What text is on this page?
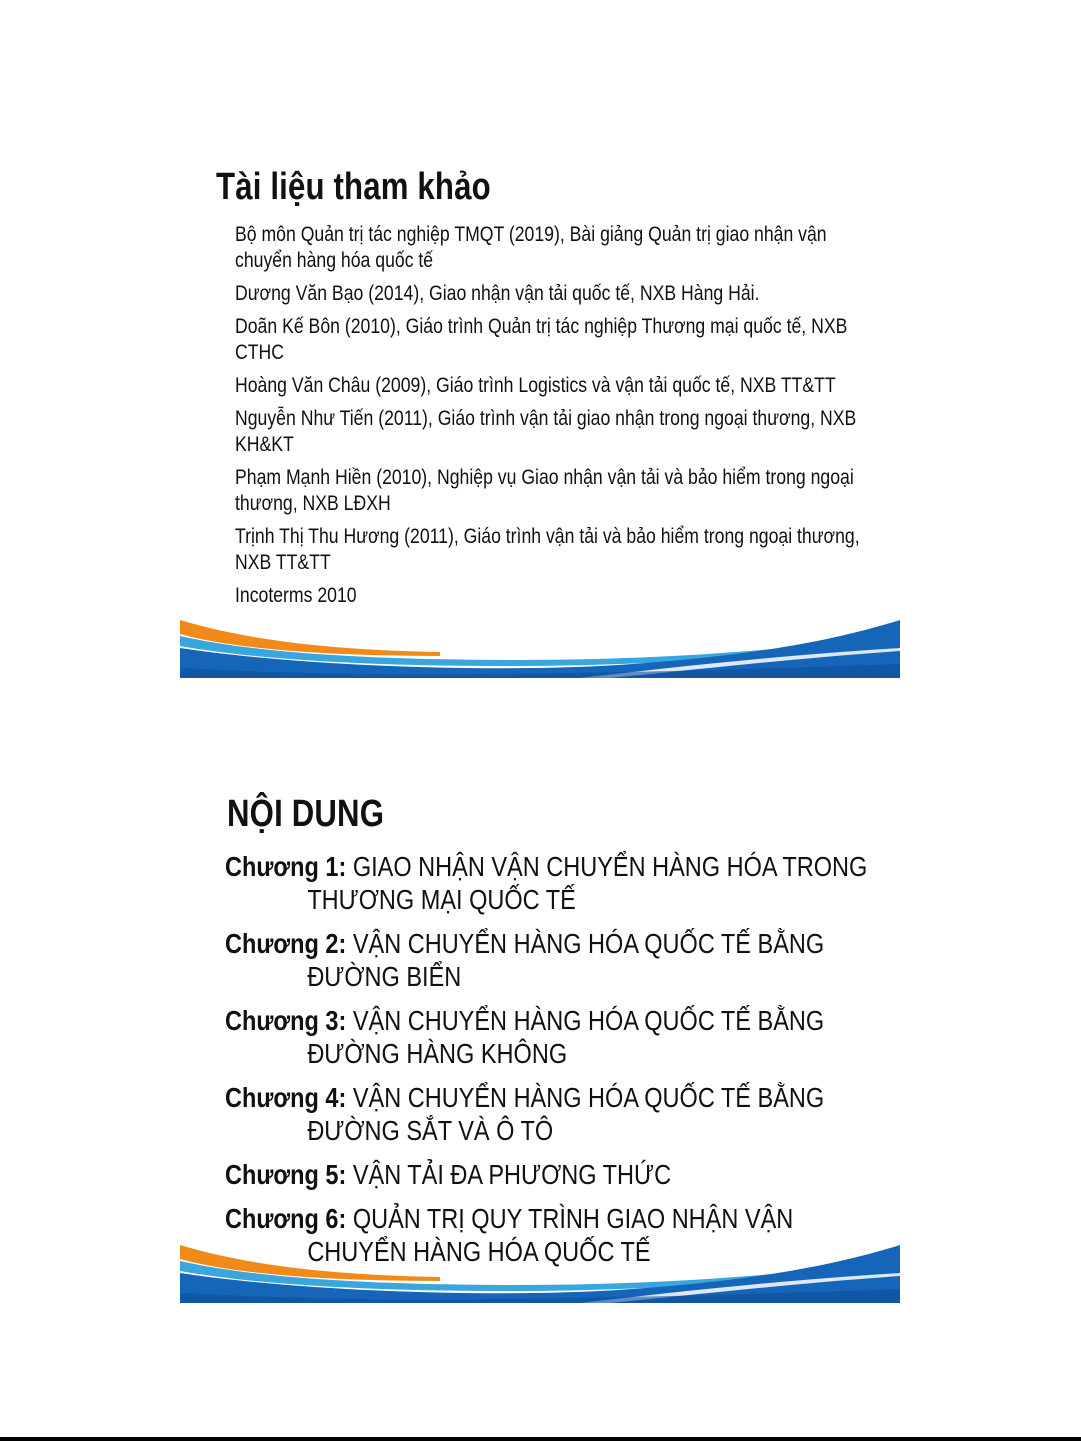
Tài liệu tham khảo
Bộ môn Quản trị tác nghiệp TMQT (2019), Bài giảng Quản trị giao nhận vận chuyển hàng hóa quốc tế
Dương Văn Bạo (2014), Giao nhận vận tải quốc tế, NXB Hàng Hải.
Doãn Kế Bôn (2010), Giáo trình Quản trị tác nghiệp Thương mại quốc tế, NXB CTHC
Hoàng Văn Châu (2009), Giáo trình Logistics và vận tải quốc tế, NXB TT&TT
Nguyễn Như Tiến (2011), Giáo trình vận tải giao nhận trong ngoại thương, NXB KH&KT
Phạm Mạnh Hiền (2010), Nghiệp vụ Giao nhận vận tải và bảo hiểm trong ngoại thương, NXB LĐXH
Trịnh Thị Thu Hương (2011), Giáo trình vận tải và bảo hiểm trong ngoại thương, NXB TT&TT
Incoterms 2010
NỘI DUNG
Chương 1: GIAO NHẬN VẬN CHUYỂN HÀNG HÓA TRONG THƯƠNG MẠI QUỐC TẾ
Chương 2: VẬN CHUYỂN HÀNG HÓA QUỐC TẾ BẰNG ĐƯỜNG BIỂN
Chương 3: VẬN CHUYỂN HÀNG HÓA QUỐC TẾ BẰNG ĐƯỜNG HÀNG KHÔNG
Chương 4: VẬN CHUYỂN HÀNG HÓA QUỐC TẾ BẰNG ĐƯỜNG SẮT VÀ Ô TÔ
Chương 5: VẬN TẢI ĐA PHƯƠNG THỨC
Chương 6: QUẢN TRỊ QUY TRÌNH GIAO NHẬN VẬN CHUYỂN HÀNG HÓA QUỐC TẾ
